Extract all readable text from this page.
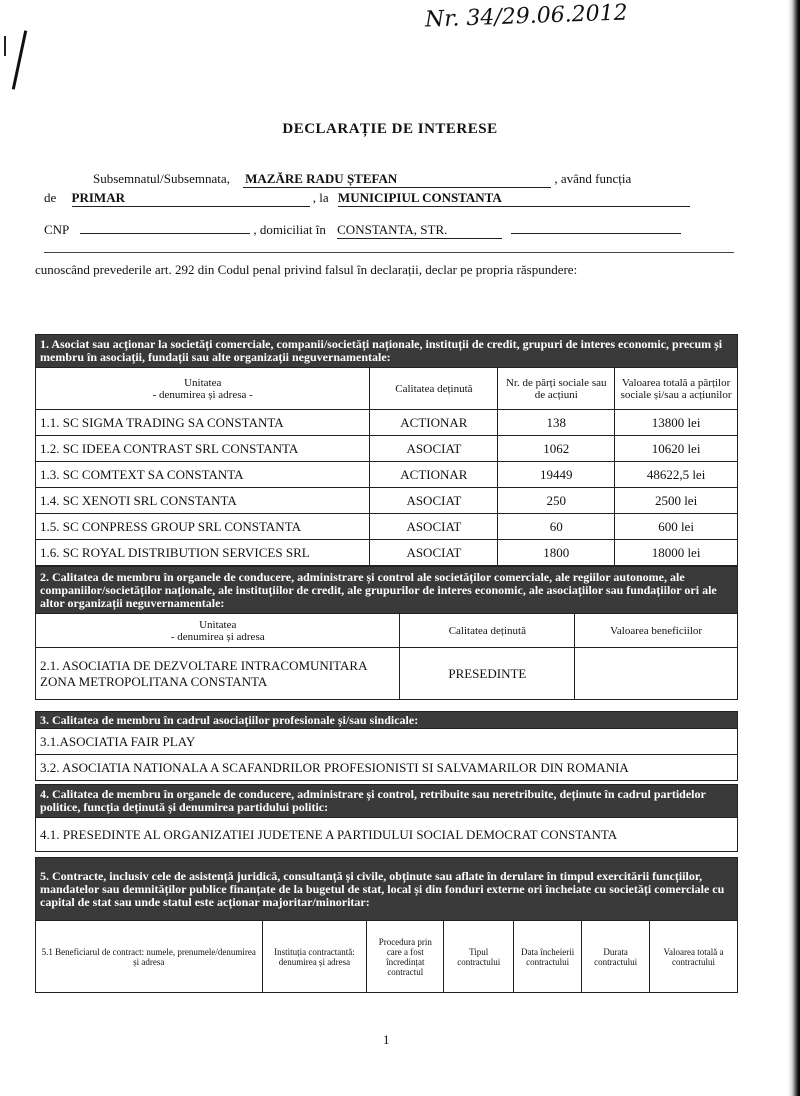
Nr. 34/29.06.2012
DECLARAȚIE DE INTERESE
Subsemnatul/Subsemnata, MAZĂRE RADU ȘTEFAN	, având funcția
de PRIMAR	, la MUNICIPIUL CONSTANTA
CNP	, domiciliat în CONSTANTA, STR.
cunoscând prevederile art. 292 din Codul penal privind falsul în declarații, declar pe propria răspundere:
1. Asociat sau acționar la societăți comerciale, companii/societăți naționale, instituții de credit, grupuri de interes economic, precum și membru în asociații, fundații sau alte organizații neguvernamentale:			
Unitatea
- denumirea și adresa -	Calitatea deținută	Nr. de părți sociale sau de acțiuni	Valoarea totală a părților sociale și/sau a acțiunilor
1.1. SC SIGMA TRADING SA CONSTANTA	ACTIONAR	138	13800 lei
1.2. SC IDEEA CONTRAST SRL CONSTANTA	ASOCIAT	1062	10620 lei
1.3. SC COMTEXT SA CONSTANTA	ACTIONAR	19449	48622,5 lei
1.4. SC XENOTI SRL CONSTANTA	ASOCIAT	250	2500 lei
1.5. SC CONPRESS GROUP SRL CONSTANTA	ASOCIAT	60	600 lei
1.6. SC ROYAL DISTRIBUTION SERVICES SRL	ASOCIAT	1800	18000 lei
2. Calitatea de membru în organele de conducere, administrare și control ale societăților comerciale, ale regiilor autonome, ale companiilor/societăților naționale, ale instituțiilor de credit, ale grupurilor de interes economic, ale asociațiilor sau fundațiilor ori ale altor organizații neguvernamentale:		
Unitatea
- denumirea și adresa	Calitatea deținută	Valoarea beneficiilor
2.1. ASOCIATIA DE DEZVOLTARE INTRACOMUNITARA ZONA METROPOLITANA CONSTANTA	PRESEDINTE	
3. Calitatea de membru în cadrul asociațiilor profesionale și/sau sindicale:
3.1.ASOCIATIA FAIR PLAY
3.2. ASOCIATIA NATIONALA A SCAFANDRILOR PROFESIONISTI SI SALVAMARILOR DIN ROMANIA
4. Calitatea de membru în organele de conducere, administrare și control, retribuite sau neretribuite, deținute în cadrul partidelor politice, funcția deținută și denumirea partidului politic:
4.1. PRESEDINTE AL ORGANIZATIEI JUDETENE A PARTIDULUI SOCIAL DEMOCRAT CONSTANTA
5. Contracte, inclusiv cele de asistență juridică, consultanță și civile, obținute sau aflate în derulare în timpul exercitării funcțiilor, mandatelor sau demnităților publice finanțate de la bugetul de stat, local și din fonduri externe ori încheiate cu societăți comerciale cu capital de stat sau unde statul este acționar majoritar/minoritar:
5.1 Beneficiarul de contract: numele, prenumele/denumirea și adresa	Instituția contractantă: denumirea și adresa	Procedura prin care a fost încredințat contractul	Tipul contractului	Data încheierii contractului	Durata contractului	Valoarea totală a contractului
1
